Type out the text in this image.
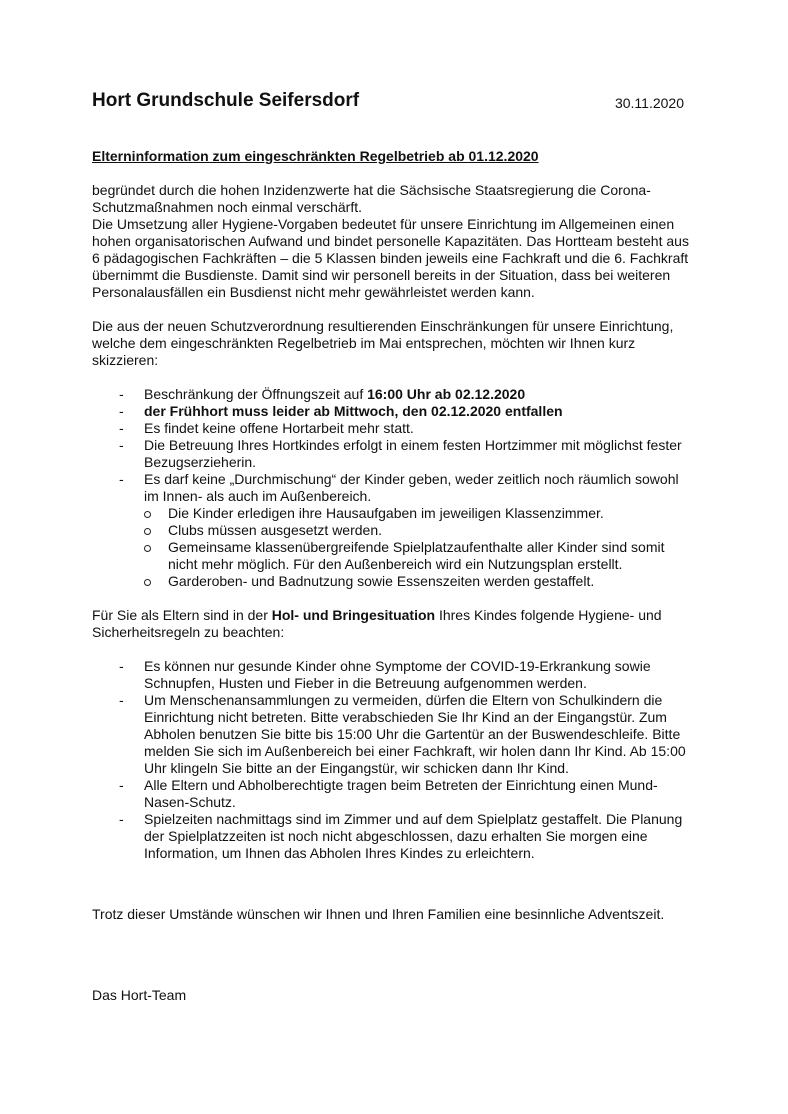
Hort Grundschule Seifersdorf	30.11.2020
Elterninformation zum eingeschränkten Regelbetrieb ab 01.12.2020

begründet durch die hohen Inzidenzwerte hat die Sächsische Staatsregierung die Corona-Schutzmaßnahmen noch einmal verschärft.

Die Umsetzung aller Hygiene-Vorgaben bedeutet für unsere Einrichtung im Allgemeinen einen hohen organisatorischen Aufwand und bindet personelle Kapazitäten. Das Hortteam besteht aus 6 pädagogischen Fachkräften – die 5 Klassen binden jeweils eine Fachkraft und die 6. Fachkraft übernimmt die Busdienste. Damit sind wir personell bereits in der Situation, dass bei weiteren Personalausfällen ein Busdienst nicht mehr gewährleistet werden kann.

Die aus der neuen Schutzverordnung resultierenden Einschränkungen für unsere Einrichtung, welche dem eingeschränkten Regelbetrieb im Mai entsprechen, möchten wir Ihnen kurz skizzieren:

- Beschränkung der Öffnungszeit auf 16:00 Uhr ab 02.12.2020
- der Frühhort muss leider ab Mittwoch, den 02.12.2020 entfallen
- Es findet keine offene Hortarbeit mehr statt.
- Die Betreuung Ihres Hortkindes erfolgt in einem festen Hortzimmer mit möglichst fester Bezugserzieherin.
- Es darf keine „Durchmischung“ der Kinder geben, weder zeitlich noch räumlich sowohl im Innen- als auch im Außenbereich.
Die Kinder erledigen ihre Hausaufgaben im jeweiligen Klassenzimmer.
Clubs müssen ausgesetzt werden.
Gemeinsame klassenübergreifende Spielplatzaufenthalte aller Kinder sind somit nicht mehr möglich. Für den Außenbereich wird ein Nutzungsplan erstellt.
Garderoben- und Badnutzung sowie Essenszeiten werden gestaffelt.

Für Sie als Eltern sind in der Hol- und Bringesituation Ihres Kindes folgende Hygiene- und Sicherheitsregeln zu beachten:

- Es können nur gesunde Kinder ohne Symptome der COVID-19-Erkrankung sowie Schnupfen, Husten und Fieber in die Betreuung aufgenommen werden.
- Um Menschenansammlungen zu vermeiden, dürfen die Eltern von Schulkindern die Einrichtung nicht betreten. Bitte verabschieden Sie Ihr Kind an der Eingangstür. Zum Abholen benutzen Sie bitte bis 15:00 Uhr die Gartentür an der Buswendeschleife. Bitte melden Sie sich im Außenbereich bei einer Fachkraft, wir holen dann Ihr Kind. Ab 15:00 Uhr klingeln Sie bitte an der Eingangstür, wir schicken dann Ihr Kind.
- Alle Eltern und Abholberechtigte tragen beim Betreten der Einrichtung einen Mund-Nasen-Schutz.
- Spielzeiten nachmittags sind im Zimmer und auf dem Spielplatz gestaffelt. Die Planung der Spielplatzzeiten ist noch nicht abgeschlossen, dazu erhalten Sie morgen eine Information, um Ihnen das Abholen Ihres Kindes zu erleichtern.
Trotz dieser Umstände wünschen wir Ihnen und Ihren Familien eine besinnliche Adventszeit.
Das Hort-Team
